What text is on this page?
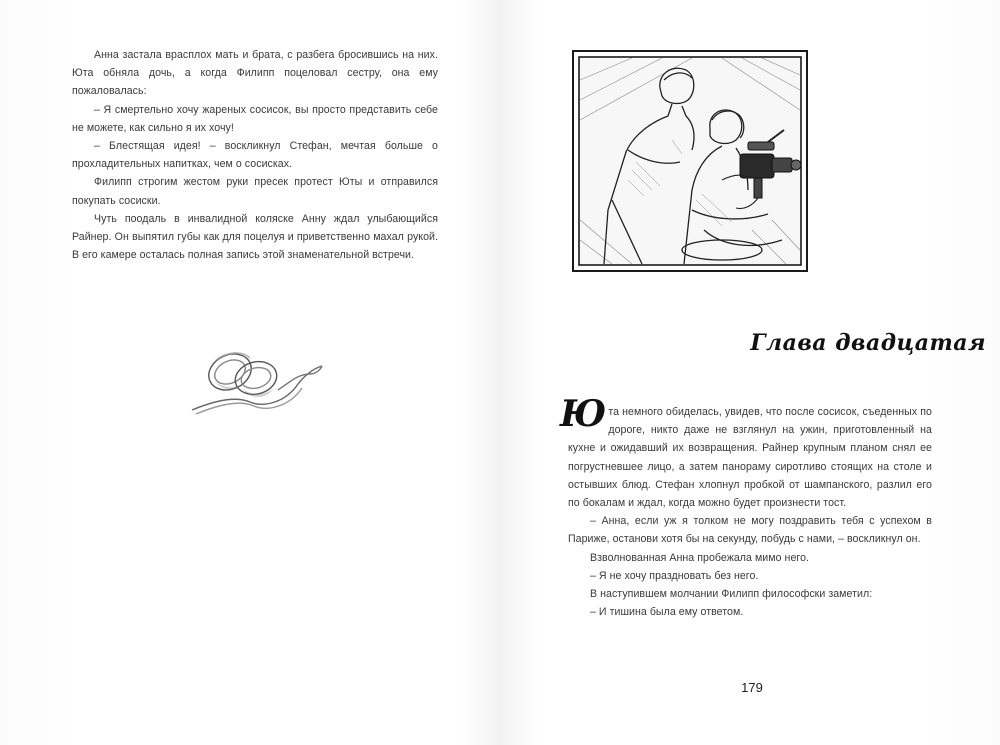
Анна застала врасплох мать и брата, с разбега бросившись на них. Юта обняла дочь, а когда Филипп поцеловал сестру, она ему пожаловалась:

– Я смертельно хочу жареных сосисок, вы просто представить себе не можете, как сильно я их хочу!

– Блестящая идея! – воскликнул Стефан, мечтая больше о прохладительных напитках, чем о сосисках.

Филипп строгим жестом руки пресек протест Юты и отправился покупать сосиски.

Чуть поодаль в инвалидной коляске Анну ждал улыбающийся Райнер. Он выпятил губы как для поцелуя и приветственно махал рукой. В его камере осталась полная запись этой знаменательной встречи.

Глава двадцатая
Ю та немного обиделась, увидев, что после сосисок, съеденных по дороге, никто даже не взглянул на ужин, приготовленный на кухне и ожидавший их возвращения. Райнер крупным планом снял ее погрустневшее лицо, а затем панораму сиротливо стоящих на столе и остывших блюд. Стефан хлопнул пробкой от шампанского, разлил его по бокалам и ждал, когда можно будет произнести тост.

– Анна, если уж я толком не могу поздравить тебя с успехом в Париже, останови хотя бы на секунду, побудь с нами, – воскликнул он.

Взволнованная Анна пробежала мимо него.

– Я не хочу праздновать без него.

В наступившем молчании Филипп философски заметил:

– И тишина была ему ответом.

179
